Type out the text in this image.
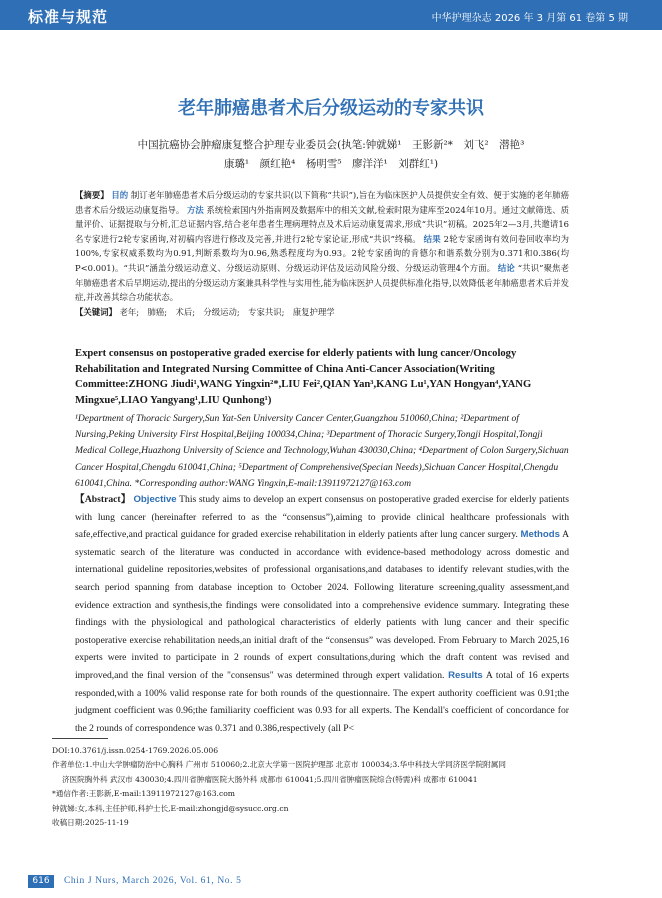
标准与规范	中华护理杂志 2026 年 3 月第 61 卷第 5 期
老年肺癌患者术后分级运动的专家共识
中国抗癌协会肿瘤康复整合护理专业委员会(执笔:钟就娣¹　王影新²*　刘飞²　潜艳³
康璐¹　颜红艳⁴　杨明雪⁵　廖洋洋¹　刘群红¹)
【摘要】 目的 制订老年肺癌患者术后分级运动的专家共识(以下简称“共识”),旨在为临床医护人员提供安全有效、便于实施的老年肺癌患者术后分级运动康复指导。 方法 系统检索国内外指南网及数据库中的相关文献,检索时限为建库至2024年10月。通过文献筛选、质量评价、证据提取与分析,汇总证据内容,结合老年患者生理病理特点及术后运动康复需求,形成“共识”初稿。2025年2—3月,共邀请16名专家进行2轮专家函询,对初稿内容进行修改及完善,并进行2轮专家论证,形成“共识”终稿。 结果 2轮专家函询有效问卷回收率均为100%,专家权威系数均为0.91,判断系数均为0.96,熟悉程度均为0.93。2轮专家函询的肯德尔和谐系数分别为0.371和0.386(均P<0.001)。“共识”涵盖分级运动意义、分级运动原则、分级运动评估及运动风险分级、分级运动管理4个方面。 结论 “共识”聚焦老年肺癌患者术后早期运动,提出的分级运动方案兼具科学性与实用性,能为临床医护人员提供标准化指导,以效降低老年肺癌患者术后并发症,并改善其综合功能状态。
【关键词】 老年;　肺癌;　术后;　分级运动;　专家共识;　康复护理学
Expert consensus on postoperative graded exercise for elderly patients with lung cancer/Oncology Rehabilitation and Integrated Nursing Committee of China Anti-Cancer Association(Writing Committee:ZHONG Jiudi¹,WANG Yingxin²*,LIU Fei²,QIAN Yan³,KANG Lu¹,YAN Hongyan⁴,YANG Mingxue⁵,LIAO Yangyang¹,LIU Qunhong¹)
¹Department of Thoracic Surgery,Sun Yat-Sen University Cancer Center,Guangzhou 510060,China; ²Department of Nursing,Peking University First Hospital,Beijing 100034,China; ³Department of Thoracic Surgery,Tongji Hospital,Tongji Medical College,Huazhong University of Science and Technology,Wuhan 430030,China; ⁴Department of Colon Surgery,Sichuan Cancer Hospital,Chengdu 610041,China; ⁵Department of Comprehensive(Specian Needs),Sichuan Cancer Hospital,Chengdu 610041,China. *Corresponding author:WANG Yingxin,E-mail:13911972127@163.com
【Abstract】 Objective This study aims to develop an expert consensus on postoperative graded exercise for elderly patients with lung cancer (hereinafter referred to as the “consensus”),aiming to provide clinical healthcare professionals with safe,effective,and practical guidance for graded exercise rehabilitation in elderly patients after lung cancer surgery. Methods A systematic search of the literature was conducted in accordance with evidence-based methodology across domestic and international guideline repositories,websites of professional organisations,and databases to identify relevant studies,with the search period spanning from database inception to October 2024. Following literature screening,quality assessment,and evidence extraction and synthesis,the findings were consolidated into a comprehensive evidence summary. Integrating these findings with the physiological and pathological characteristics of elderly patients with lung cancer and their specific postoperative exercise rehabilitation needs,an initial draft of the “consensus” was developed. From February to March 2025,16 experts were invited to participate in 2 rounds of expert consultations,during which the draft content was revised and improved,and the final version of the "consensus" was determined through expert validation. Results A total of 16 experts responded,with a 100% valid response rate for both rounds of the questionnaire. The expert authority coefficient was 0.91;the judgment coefficient was 0.96;the familiarity coefficient was 0.93 for all experts. The Kendall's coefficient of concordance for the 2 rounds of correspondence was 0.371 and 0.386,respectively (all P<
DOI:10.3761/j.issn.0254-1769.2026.05.006
作者单位:1.中山大学肿瘤防治中心胸科 广州市 510060;2.北京大学第一医院护理部 北京市 100034;3.华中科技大学同济医学院附属同
济医院胸外科 武汉市 430030;4.四川省肿瘤医院大肠外科 成都市 610041;5.四川省肿瘤医院综合(特需)科 成都市 610041
*通信作者:王影新,E-mail:13911972127@163.com
钟就娣:女,本科,主任护师,科护士长,E-mail:zhongjd@sysucc.org.cn
收稿日期:2025-11-19
616	Chin J Nurs, March 2026, Vol. 61, No. 5
